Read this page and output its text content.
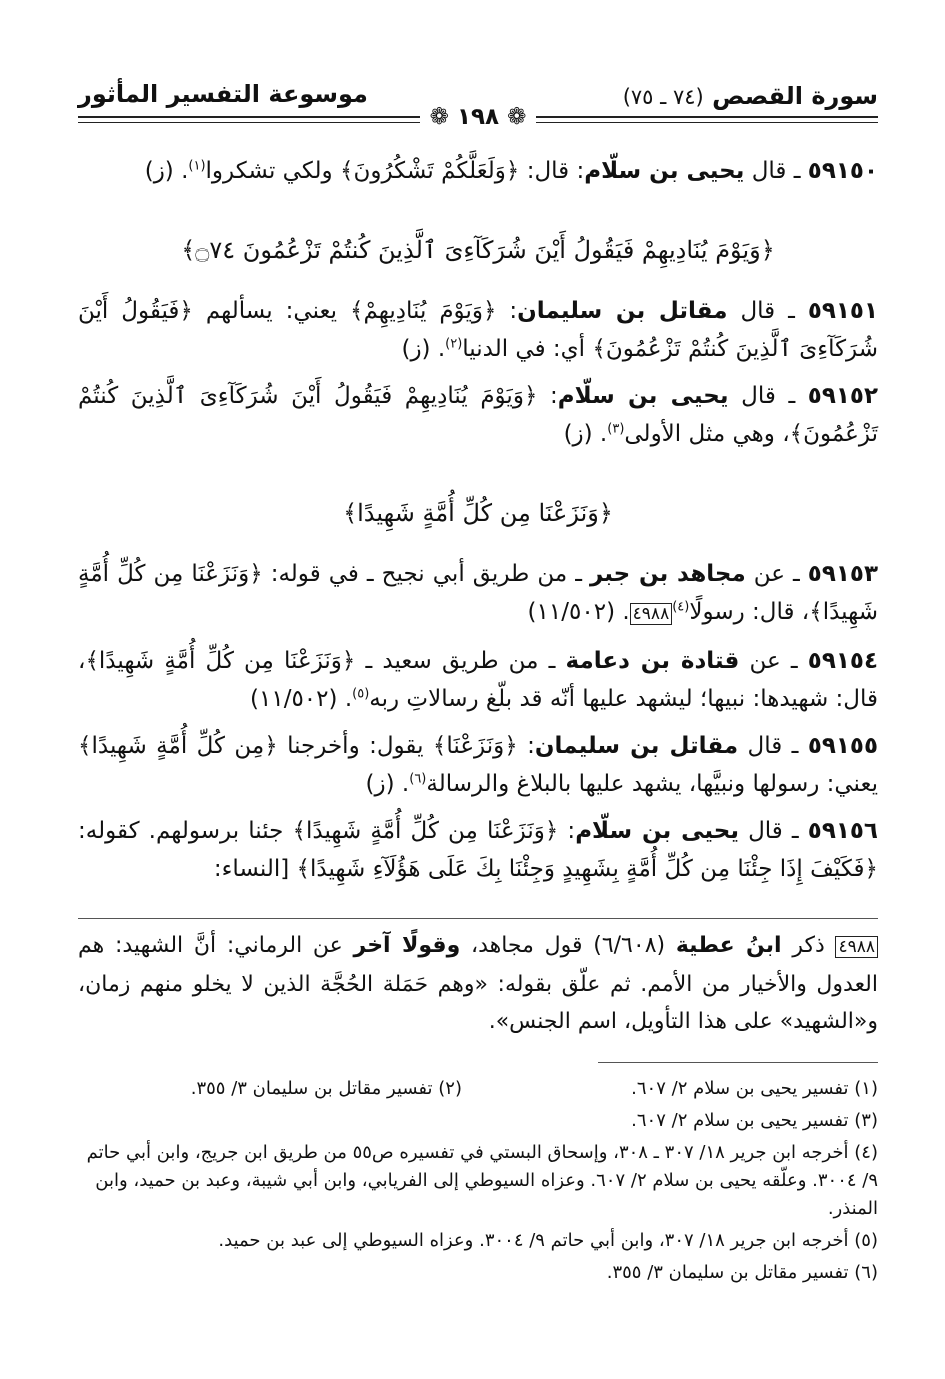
سورة القصص (٧٤ ـ ٧٥)
موسوعة التفسير المأثور
❁ ١٩٨ ❁

٥٩١٥٠ ـ قال يحيى بن سلّام: قال: ﴿وَلَعَلَّكُمْ تَشْكُرُونَ﴾ ولكي تشكروا$^{(١)}$. (ز)

﴿وَيَوْمَ يُنَادِيهِمْ فَيَقُولُ أَيْنَ شُرَكَآءِىَ ٱلَّذِينَ كُنتُمْ تَزْعُمُونَ ۝٧٤﴾

٥٩١٥١ ـ قال مقاتل بن سليمان: ﴿وَيَوْمَ يُنَادِيهِمْ﴾ يعني: يسألهم ﴿فَيَقُولُ أَيْنَ شُرَكَآءِىَ ٱلَّذِينَ كُنتُمْ تَزْعُمُونَ﴾ أي: في الدنيا$^{(٢)}$. (ز)

٥٩١٥٢ ـ قال يحيى بن سلّام: ﴿وَيَوْمَ يُنَادِيهِمْ فَيَقُولُ أَيْنَ شُرَكَآءِىَ ٱلَّذِينَ كُنتُمْ تَزْعُمُونَ﴾، وهي مثل الأولى$^{(٣)}$. (ز)

﴿وَنَزَعْنَا مِن كُلِّ أُمَّةٍ شَهِيدًا﴾

٥٩١٥٣ ـ عن مجاهد بن جبر ـ من طريق أبي نجيح ـ في قوله: ﴿وَنَزَعْنَا مِن كُلِّ أُمَّةٍ شَهِيدًا﴾، قال: رسولًا$^{(٤)}$٤٩٨٨. (١١/٥٠٢)

٥٩١٥٤ ـ عن قتادة بن دعامة ـ من طريق سعيد ـ ﴿وَنَزَعْنَا مِن كُلِّ أُمَّةٍ شَهِيدًا﴾، قال: شهيدها: نبيها؛ ليشهد عليها أنّه قد بلّغ رسالاتِ ربه$^{(٥)}$. (١١/٥٠٢)

٥٩١٥٥ ـ قال مقاتل بن سليمان: ﴿وَنَزَعْنَا﴾ يقول: وأخرجنا ﴿مِن كُلِّ أُمَّةٍ شَهِيدًا﴾ يعني: رسولها ونبيَّها، يشهد عليها بالبلاغ والرسالة$^{(٦)}$. (ز)

٥٩١٥٦ ـ قال يحيى بن سلّام: ﴿وَنَزَعْنَا مِن كُلِّ أُمَّةٍ شَهِيدًا﴾ جئنا برسولهم. كقوله: ﴿فَكَيْفَ إِذَا جِئْنَا مِن كُلِّ أُمَّةٍ بِشَهِيدٍ وَجِئْنَا بِكَ عَلَى هَؤُلَآءِ شَهِيدًا﴾ [النساء:

٤٩٨٨ ذكر ابنُ عطية (٦/٦٠٨) قول مجاهد، وقولًا آخر عن الرماني: أنَّ الشهيد: هم العدول والأخيار من الأمم. ثم علّق بقوله: «وهم حَمَلة الحُجَّة الذين لا يخلو منهم زمان، و«الشهيد» على هذا التأويل، اسم الجنس».

(١) تفسير يحيى بن سلام ٢/ ٦٠٧.

(٢) تفسير مقاتل بن سليمان ٣/ ٣٥٥.

(٣) تفسير يحيى بن سلام ٢/ ٦٠٧.

(٤) أخرجه ابن جرير ١٨/ ٣٠٧ ـ ٣٠٨، وإسحاق البستي في تفسيره ص٥٥ من طريق ابن جريج، وابن أبي حاتم ٩/ ٣٠٠٤. وعلّقه يحيى بن سلام ٢/ ٦٠٧. وعزاه السيوطي إلى الفريابي، وابن أبي شيبة، وعبد بن حميد، وابن المنذر.

(٥) أخرجه ابن جرير ١٨/ ٣٠٧، وابن أبي حاتم ٩/ ٣٠٠٤. وعزاه السيوطي إلى عبد بن حميد.

(٦) تفسير مقاتل بن سليمان ٣/ ٣٥٥.
